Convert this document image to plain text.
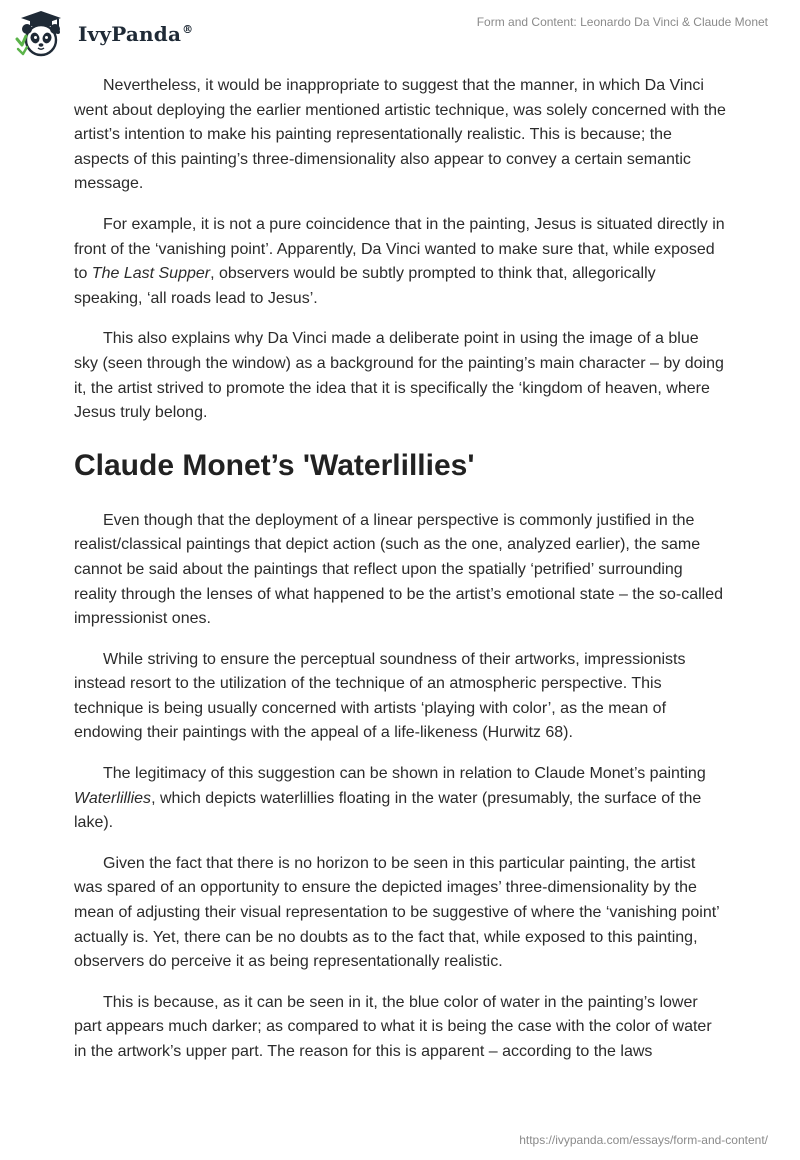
IvyPanda®
Form and Content: Leonardo Da Vinci & Claude Monet

Nevertheless, it would be inappropriate to suggest that the manner, in which Da Vinci went about deploying the earlier mentioned artistic technique, was solely concerned with the artist’s intention to make his painting representationally realistic. This is because; the aspects of this painting’s three-dimensionality also appear to convey a certain semantic message.

For example, it is not a pure coincidence that in the painting, Jesus is situated directly in front of the ‘vanishing point’. Apparently, Da Vinci wanted to make sure that, while exposed to The Last Supper, observers would be subtly prompted to think that, allegorically speaking, ‘all roads lead to Jesus’.

This also explains why Da Vinci made a deliberate point in using the image of a blue sky (seen through the window) as a background for the painting’s main character – by doing it, the artist strived to promote the idea that it is specifically the ‘kingdom of heaven, where Jesus truly belong.

Claude Monet’s 'Waterlillies'

Even though that the deployment of a linear perspective is commonly justified in the realist/classical paintings that depict action (such as the one, analyzed earlier), the same cannot be said about the paintings that reflect upon the spatially ‘petrified’ surrounding reality through the lenses of what happened to be the artist’s emotional state – the so-called impressionist ones.

While striving to ensure the perceptual soundness of their artworks, impressionists instead resort to the utilization of the technique of an atmospheric perspective. This technique is being usually concerned with artists ‘playing with color’, as the mean of endowing their paintings with the appeal of a life-likeness (Hurwitz 68).

The legitimacy of this suggestion can be shown in relation to Claude Monet’s painting Waterlillies, which depicts waterlillies floating in the water (presumably, the surface of the lake).

Given the fact that there is no horizon to be seen in this particular painting, the artist was spared of an opportunity to ensure the depicted images’ three-dimensionality by the mean of adjusting their visual representation to be suggestive of where the ‘vanishing point’ actually is. Yet, there can be no doubts as to the fact that, while exposed to this painting, observers do perceive it as being representationally realistic.

This is because, as it can be seen in it, the blue color of water in the painting’s lower part appears much darker; as compared to what it is being the case with the color of water in the artwork’s upper part. The reason for this is apparent – according to the laws

https://ivypanda.com/essays/form-and-content/
